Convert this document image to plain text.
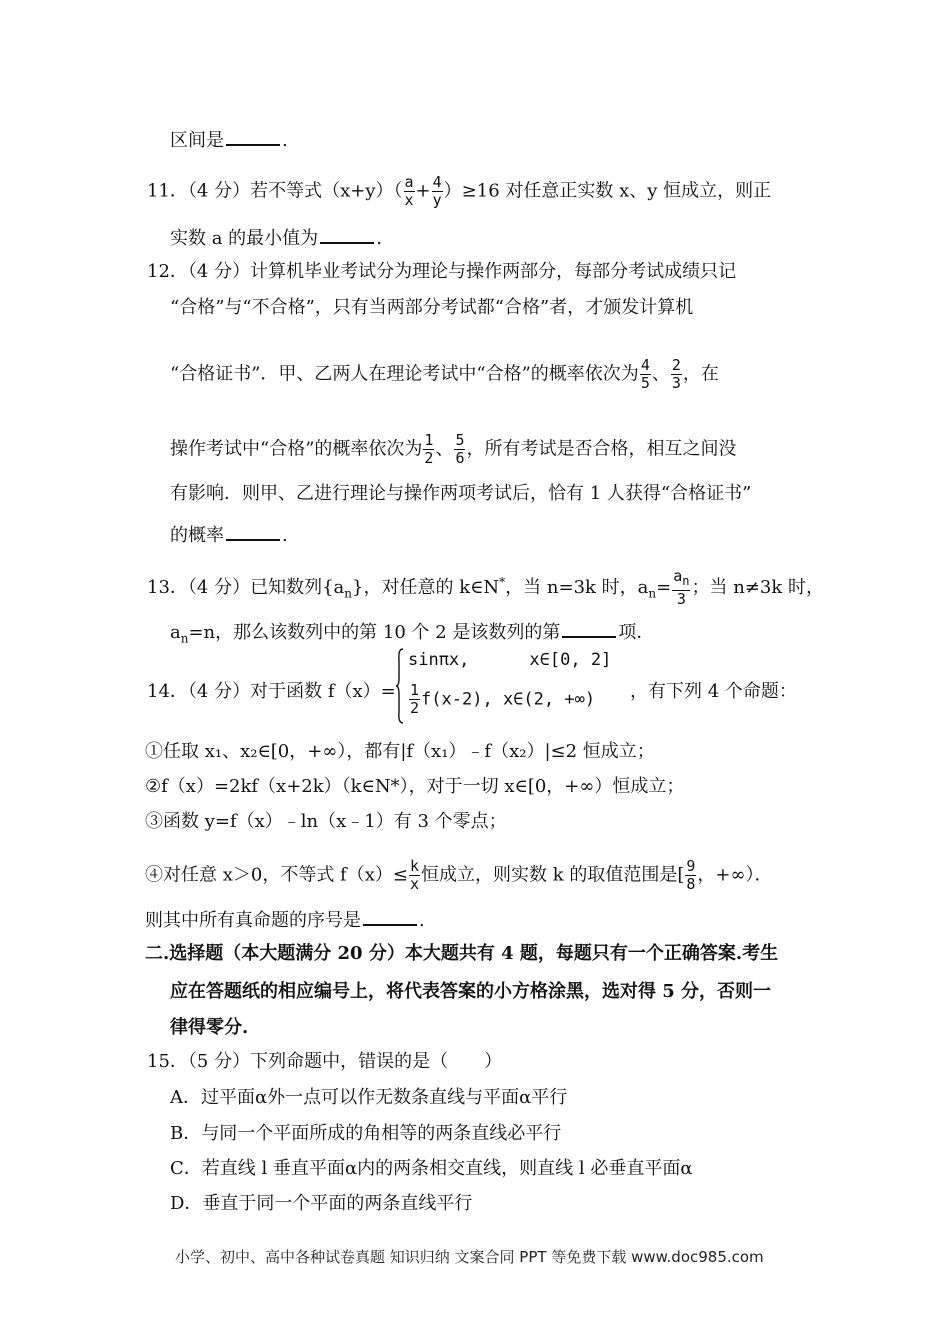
区间是	.
11．（4 分）若不等式$(x+y)( \frac{a}{x} + \frac{4}{y} )\ge 16$ 对任意正实数 x、y 恒成立，则正
实数 a 的最小值为	.
12．（4 分）计算机毕业考试分为理论与操作两部分，每部分考试成绩只记
“合格”与“不合格”，只有当两部分考试都“合格”者，才颁发计算机
“合格证书”．甲、乙两人在理论考试中“合格”的概率依次为 $\frac{4}{5}$ 、 $\frac{2}{3}$ ，在
操作考试中“合格”的概率依次为 $\frac{1}{2}$ 、 $\frac{5}{6}$ ，所有考试是否合格，相互之间没
有影响．则甲、乙进行理论与操作两项考试后，恰有 1 人获得“合格证书”
的概率	.
13．（4 分）已知数列$\{a_n\}$，对任意的 k∈N*，当 n=3k 时，$a_n= \frac{a_n}{3}$ ；当 n≠3k 时，
$a_n=n$，那么该数列中的第 10 个 2 是该数列的第	项．
14．（4 分）对于函数 f（x）=
sinπx,	x∈[0, 2]
$\frac{1}{2} f(x-2)$, x∈(2, +∞) ，有下列 4 个命题：
①任取 x₁、x₂∈[0，+∞），都有|f（x₁）﹣f（x₂）|≤2 恒成立；
②f（x）=2kf（x+2k）（k∈N*），对于一切 x∈[0，+∞）恒成立；
③函数 y=f（x）﹣ln（x﹣1）有 3 个零点；
④对任意 x＞0，不等式 $f(x)\le \frac{k}{x}$ 恒成立，则实数 k 的取值范围是[ $\frac{9}{8}$ ，+∞）．
则其中所有真命题的序号是	.
二.选择题（本大题满分 20 分）本大题共有 4 题，每题只有一个正确答案.考生
应在答题纸的相应编号上，将代表答案的小方格涂黑，选对得 5 分，否则一
律得零分.
15．（5 分）下列命题中，错误的是（　　）
A．过平面α外一点可以作无数条直线与平面α平行
B．与同一个平面所成的角相等的两条直线必平行
C．若直线 l 垂直平面α内的两条相交直线，则直线 l 必垂直平面α
D．垂直于同一个平面的两条直线平行
小学、初中、高中各种试卷真题 知识归纳 文案合同 PPT 等免费下载 www.doc985.com
